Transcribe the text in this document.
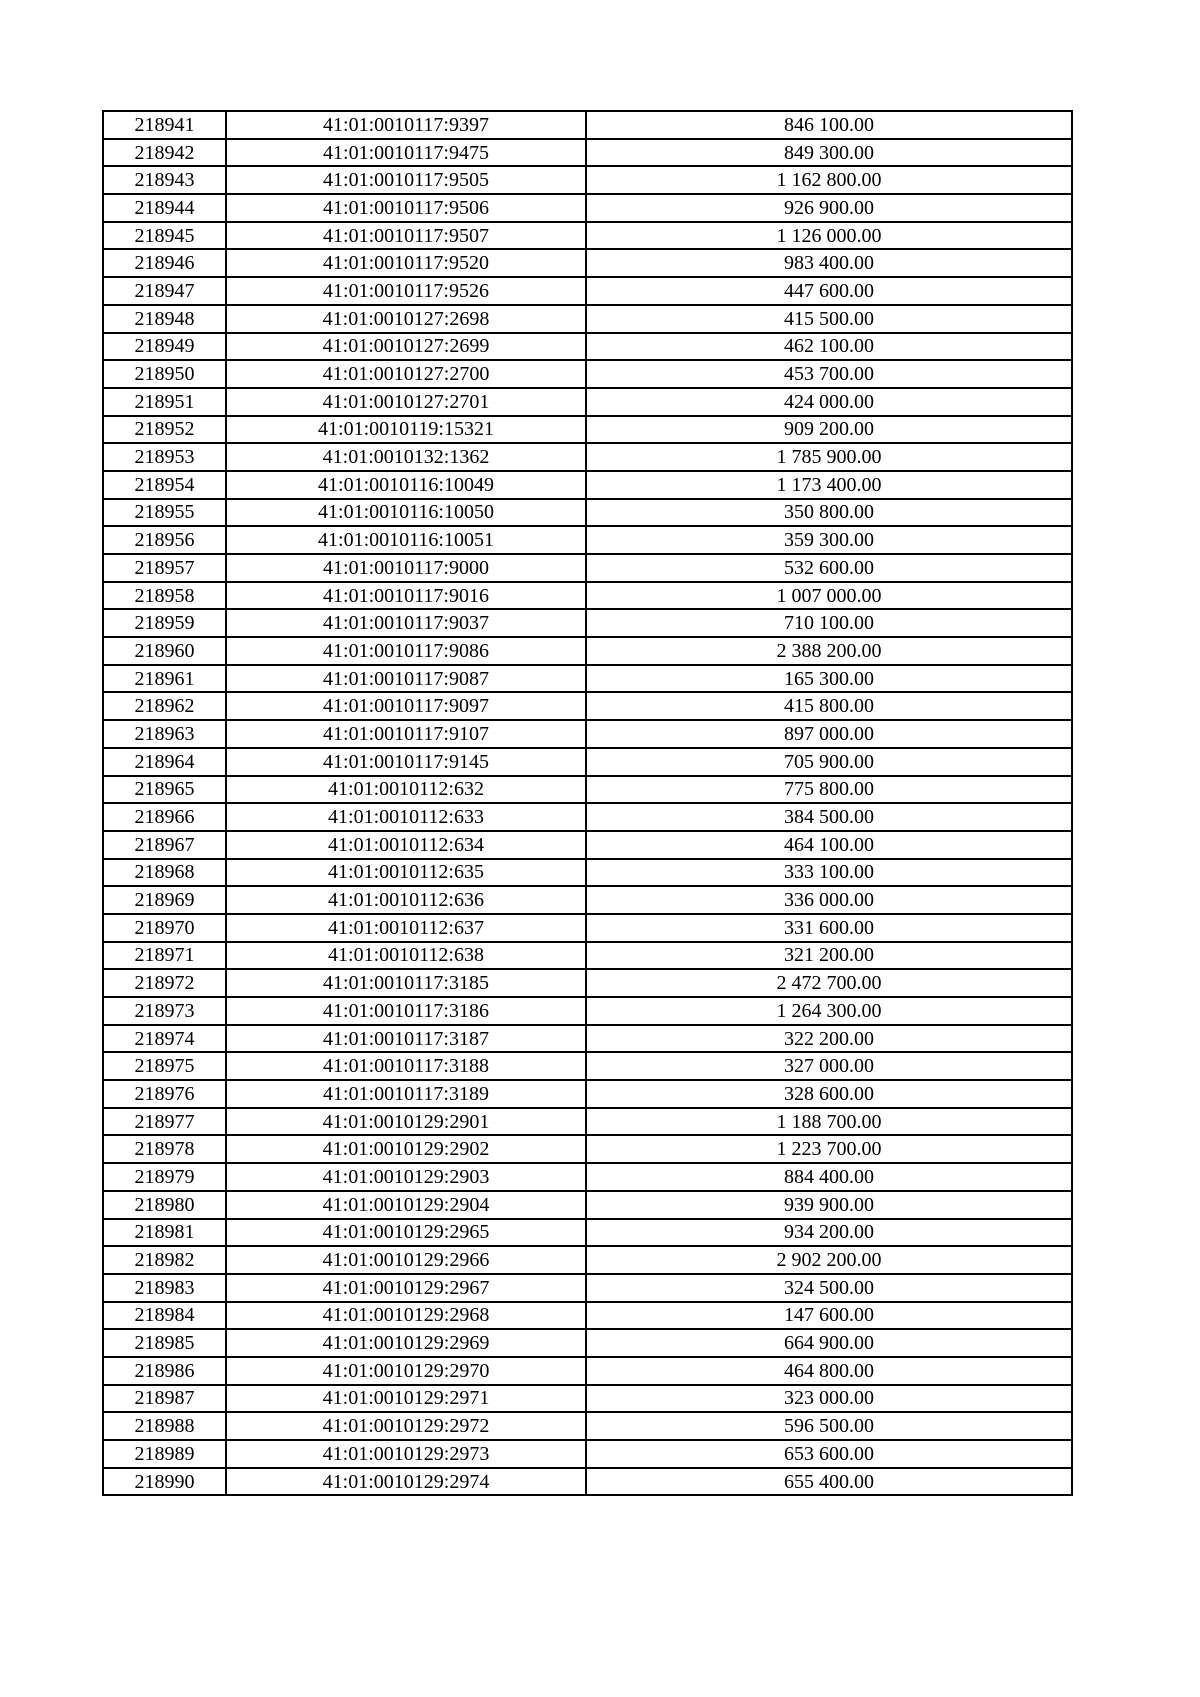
218941	41:01:0010117:9397	846 100.00
218942	41:01:0010117:9475	849 300.00
218943	41:01:0010117:9505	1 162 800.00
218944	41:01:0010117:9506	926 900.00
218945	41:01:0010117:9507	1 126 000.00
218946	41:01:0010117:9520	983 400.00
218947	41:01:0010117:9526	447 600.00
218948	41:01:0010127:2698	415 500.00
218949	41:01:0010127:2699	462 100.00
218950	41:01:0010127:2700	453 700.00
218951	41:01:0010127:2701	424 000.00
218952	41:01:0010119:15321	909 200.00
218953	41:01:0010132:1362	1 785 900.00
218954	41:01:0010116:10049	1 173 400.00
218955	41:01:0010116:10050	350 800.00
218956	41:01:0010116:10051	359 300.00
218957	41:01:0010117:9000	532 600.00
218958	41:01:0010117:9016	1 007 000.00
218959	41:01:0010117:9037	710 100.00
218960	41:01:0010117:9086	2 388 200.00
218961	41:01:0010117:9087	165 300.00
218962	41:01:0010117:9097	415 800.00
218963	41:01:0010117:9107	897 000.00
218964	41:01:0010117:9145	705 900.00
218965	41:01:0010112:632	775 800.00
218966	41:01:0010112:633	384 500.00
218967	41:01:0010112:634	464 100.00
218968	41:01:0010112:635	333 100.00
218969	41:01:0010112:636	336 000.00
218970	41:01:0010112:637	331 600.00
218971	41:01:0010112:638	321 200.00
218972	41:01:0010117:3185	2 472 700.00
218973	41:01:0010117:3186	1 264 300.00
218974	41:01:0010117:3187	322 200.00
218975	41:01:0010117:3188	327 000.00
218976	41:01:0010117:3189	328 600.00
218977	41:01:0010129:2901	1 188 700.00
218978	41:01:0010129:2902	1 223 700.00
218979	41:01:0010129:2903	884 400.00
218980	41:01:0010129:2904	939 900.00
218981	41:01:0010129:2965	934 200.00
218982	41:01:0010129:2966	2 902 200.00
218983	41:01:0010129:2967	324 500.00
218984	41:01:0010129:2968	147 600.00
218985	41:01:0010129:2969	664 900.00
218986	41:01:0010129:2970	464 800.00
218987	41:01:0010129:2971	323 000.00
218988	41:01:0010129:2972	596 500.00
218989	41:01:0010129:2973	653 600.00
218990	41:01:0010129:2974	655 400.00
